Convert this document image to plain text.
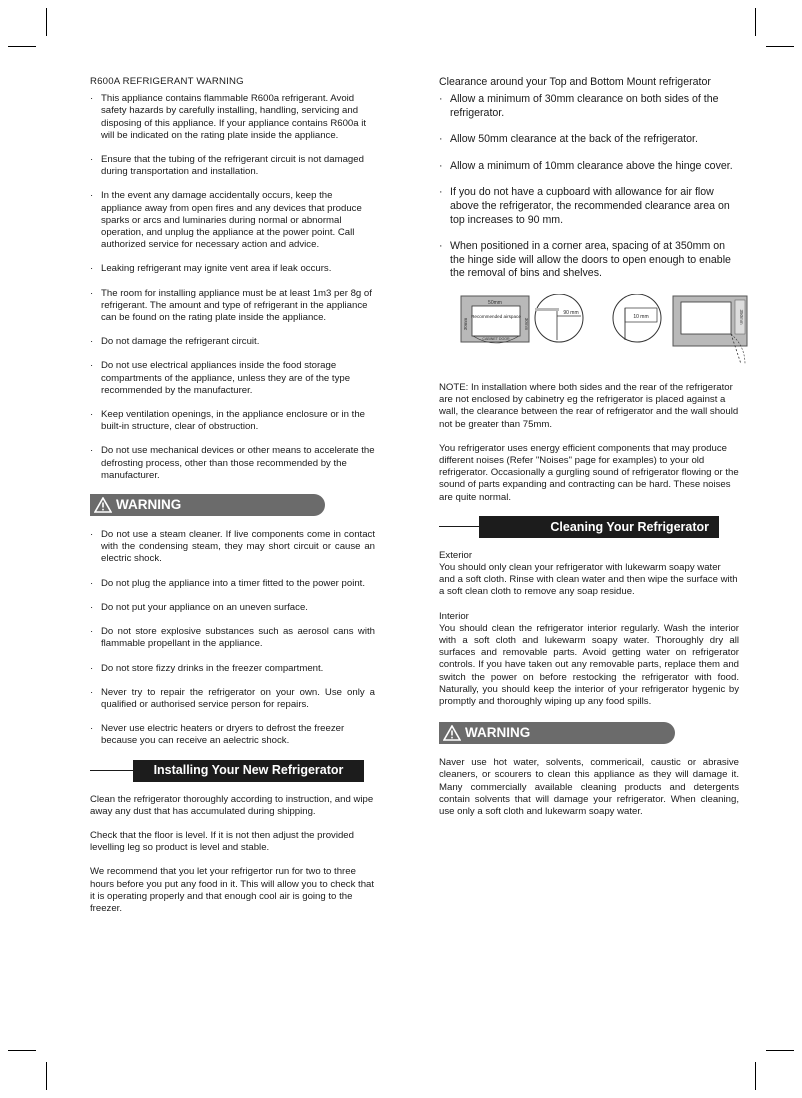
R600A REFRIGERANT WARNING

· This appliance contains flammable R600a refrigerant. Avoid safety hazards by carefully installing, handling, servicing and disposing of this appliance. If your appliance contains R600a it will be indicated on the rating plate inside the appliance.
· Ensure that the tubing of the refrigerant circuit is not damaged during transportation and installation.
· In the event any damage accidentally occurs, keep the appliance away from open fires and any devices that produce sparks or arcs and luminaries during normal or abnormal operation, and unplug the appliance at the power point. Call authorized service for necessary action and advice.
· Leaking refrigerant may ignite vent area if leak occurs.
· The room for installing appliance must be at least 1m3 per 8g of refrigerant. The amount and type of refrigerant in the appliance can be found on the rating plate inside the appliance.
· Do not damage the refrigerant circuit.
· Do not use electrical appliances inside the food storage compartments of the appliance, unless they are of the type recommended by the manufacturer.
· Keep ventilation openings, in the appliance enclosure or in the built-in structure, clear of obstruction.
· Do not use mechanical devices or other means to accelerate the defrosting process, other than those recommended by the manufacturer.
WARNING
· Do not use a steam cleaner. If live components come in contact with the condensing steam, they may short circuit or cause an electric shock.
· Do not plug the appliance into a timer fitted to the power point.
· Do not put your appliance on an uneven surface.
· Do not store explosive substances such as aerosol cans with flammable propellant in the appliance.
· Do not store fizzy drinks in the freezer compartment.
· Never try to repair the refrigerator on your own. Use only a qualified or authorised service person for repairs.
· Never use electric heaters or dryers to defrost the freezer because you can receive an aelectric shock.
Installing Your New Refrigerator

Clean the refrigerator thoroughly according to instruction, and wipe away any dust that has accumulated during shipping.

Check that the floor is level. If it is not then adjust the provided levelling leg so product is level and stable.

We recommend that you let your refrigertor run for two to three hours before you put any food in it. This will allow you to check that it is operating properly and that enough cool air is going to the freezer.

Clearance around your Top and Bottom Mount refrigerator

· Allow a minimum of 30mm clearance on both sides of the refrigerator.
· Allow 50mm clearance at the back of the refrigerator.
· Allow a minimum of 10mm clearance above the hinge cover.
· If you do not have a cupboard with allowance for air flow above the refrigerator, the recommended clearance area on top increases to 90 mm.
· When positioned in a corner area, spacing of at 350mm on the hinge side will allow the doors to open enough to enable the removal of bins and shelves.
50mm
30mm	30mm
Recommended airspace
CABINET DOOR
90 mm
10 mm	350mm

NOTE: In installation where both sides and the rear of the refrigerator are not enclosed by cabinetry eg the refrigerator is placed against a wall, the clearance between the rear of refrigerator and the wall should not be greater than 75mm.

You refrigerator uses energy efficient components that may produce different noises (Refer "Noises" page for examples) to your old refrigerator. Occasionally a gurgling sound of refrigerator flowing or the sound of parts expanding and contracting can be hard. These noises are quite normal.

Cleaning Your Refrigerator

Exterior

You should only clean your refrigerator with lukewarm soapy water and a soft cloth. Rinse with clean water and then wipe the surface with a soft clean cloth to remove any soap residue.

Interior

You should clean the refrigerator interior regularly. Wash the interior with a soft cloth and lukewarm soapy water. Thoroughly dry all surfaces and removable parts. Avoid getting water on refrigerator controls. If you have taken out any removable parts, replace them and switch the power on before restocking the refrigerator with food. Naturally, you should keep the interior of your refrigerator hygenic by promptly and thoroughly wiping up any food spills.

WARNING

Naver use hot water, solvents, commericail, caustic or abrasive cleaners, or scourers to clean this appliance as they will damage it. Many commercially available cleaning products and detergents contain solvents that will damage your refrigerator. When cleaning, use only a soft cloth and lukewarm soapy water.
